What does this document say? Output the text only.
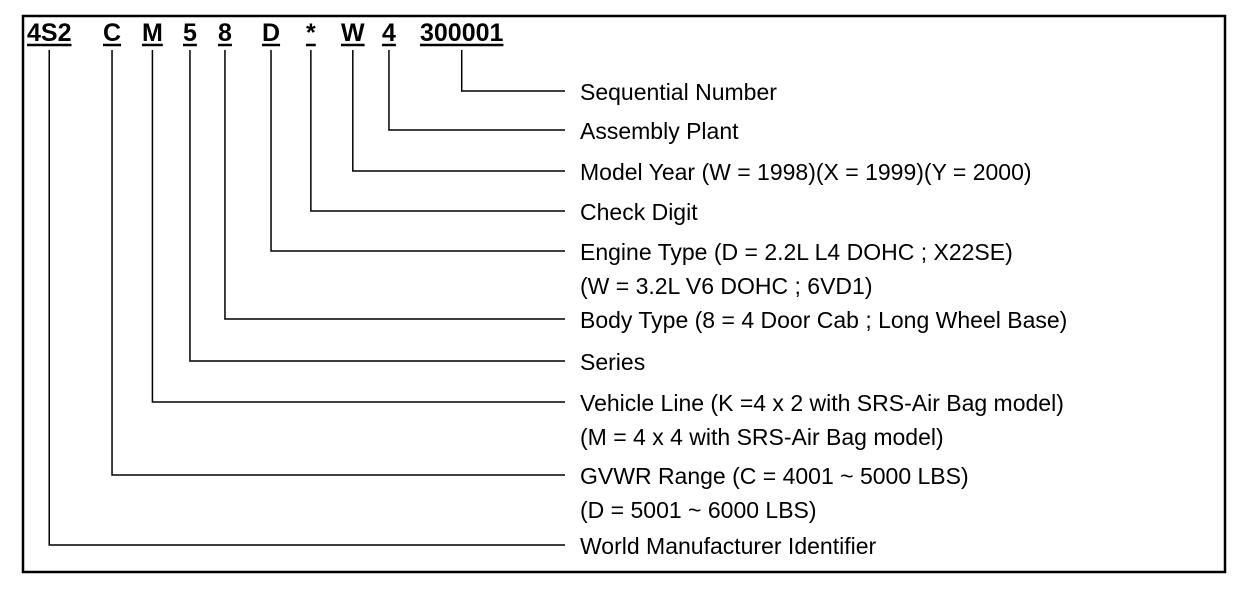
4S2 C M 5 8 D * W 4 300001
Sequential Number
Assembly Plant
Model Year (W = 1998)(X = 1999)(Y = 2000)
Check Digit
Engine Type (D = 2.2L L4 DOHC ; X22SE)
(W = 3.2L V6 DOHC ; 6VD1)
Body Type (8 = 4 Door Cab ; Long Wheel Base)
Series
Vehicle Line (K =4 x 2 with SRS-Air Bag model)
(M = 4 x 4 with SRS-Air Bag model)
GVWR Range (C = 4001 ~ 5000 LBS)
(D = 5001 ~ 6000 LBS)
World Manufacturer Identifier
